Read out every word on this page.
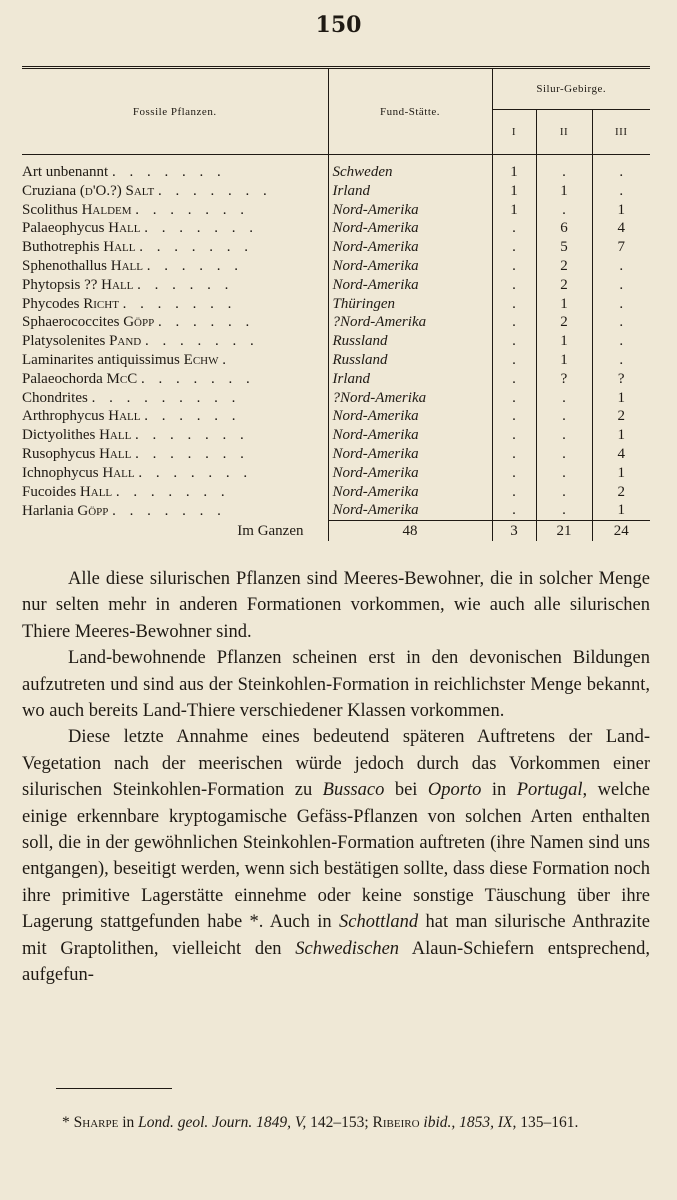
150
Fossile Pflanzen.	Fund-Stätte.	Silur-Gebirge.		
		I	II	III

Art unbenannt . . . . . . .	Schweden	1	.	.
Cruziana (d'O.?) Salt . . . . . . .	Irland	1	1	.
Scolithus Haldem . . . . . . .	Nord-Amerika	1	.	1
Palaeophycus Hall . . . . . . .	Nord-Amerika	.	6	4
Buthotrephis Hall . . . . . . .	Nord-Amerika	.	5	7
Sphenothallus Hall . . . . . .	Nord-Amerika	.	2	.
Phytopsis ?? Hall . . . . . .	Nord-Amerika	.	2	.
Phycodes Richt . . . . . . .	Thüringen	.	1	.
Sphaerococcites Göpp . . . . . .	?Nord-Amerika	.	2	.
Platysolenites Pand . . . . . . .	Russland	.	1	.
Laminarites antiquissimus Echw .	Russland	.	1	.
Palaeochorda McC . . . . . . .	Irland	.	?	?
Chondrites . . . . . . . . .	?Nord-Amerika	.	.	1
Arthrophycus Hall . . . . . .	Nord-Amerika	.	.	2
Dictyolithes Hall . . . . . . .	Nord-Amerika	.	.	1
Rusophycus Hall . . . . . . .	Nord-Amerika	.	.	4
Ichnophycus Hall . . . . . . .	Nord-Amerika	.	.	1
Fucoides Hall . . . . . . .	Nord-Amerika	.	.	2
Harlania Göpp . . . . . . .	Nord-Amerika	.	.	1
Im Ganzen	48	3	21	24

Alle diese silurischen Pflanzen sind Meeres-Bewohner, die in solcher Menge nur selten mehr in anderen Formationen vorkommen, wie auch alle silurischen Thiere Meeres-Bewohner sind.

Land-bewohnende Pflanzen scheinen erst in den devonischen Bildungen aufzutreten und sind aus der Steinkohlen-Formation in reichlichster Menge bekannt, wo auch bereits Land-Thiere verschiedener Klassen vorkommen.

Diese letzte Annahme eines bedeutend späteren Auftretens der Land-Vegetation nach der meerischen würde jedoch durch das Vorkommen einer silurischen Steinkohlen-Formation zu Bussaco bei Oporto in Portugal, welche einige erkennbare kryptogamische Gefäss-Pflanzen von solchen Arten enthalten soll, die in der gewöhnlichen Steinkohlen-Formation auftreten (ihre Namen sind uns entgangen), beseitigt werden, wenn sich bestätigen sollte, dass diese Formation noch ihre primitive Lagerstätte einnehme oder keine sonstige Täuschung über ihre Lagerung stattgefunden habe *. Auch in Schottland hat man silurische Anthrazite mit Graptolithen, vielleicht den Schwedischen Alaun-Schiefern entsprechend, aufgefun-

* Sharpe in Lond. geol. Journ. 1849, V, 142–153; Ribeiro ibid., 1853, IX, 135–161.
